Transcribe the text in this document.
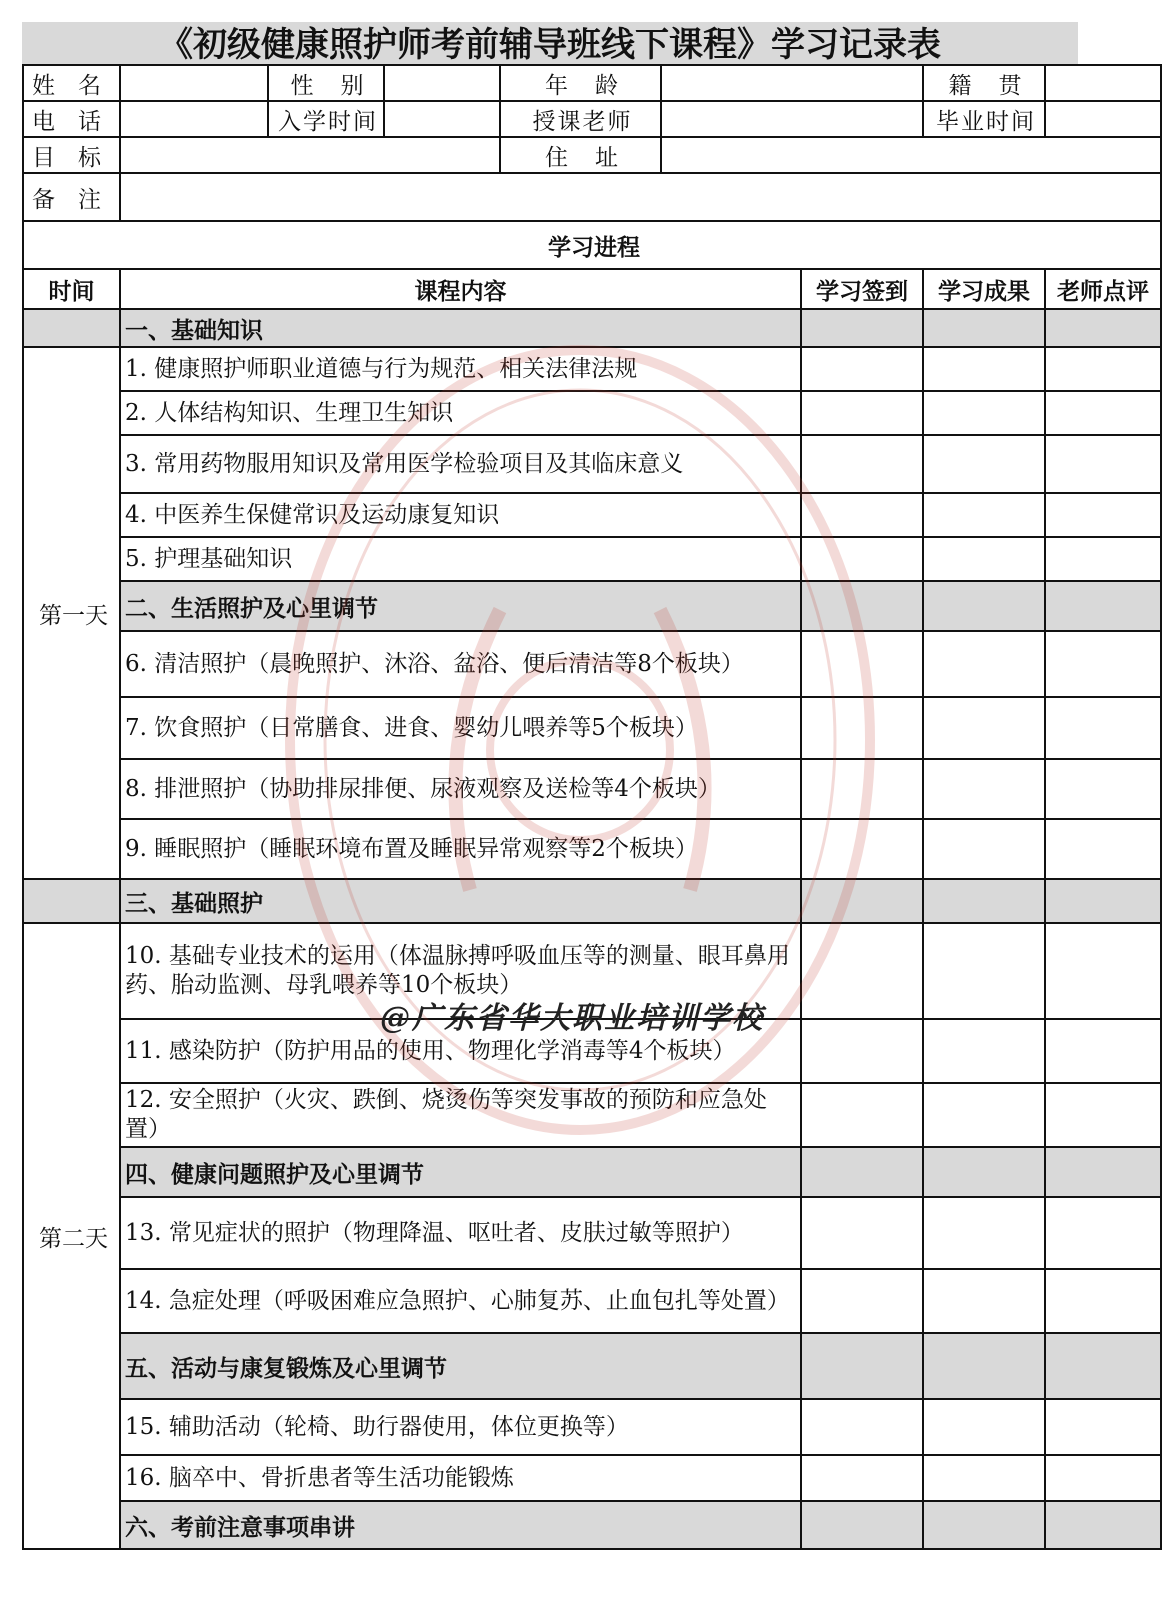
《初级健康照护师考前辅导班线下课程》学习记录表
姓　名		性　别		年　龄			籍　贯	
电　话		入学时间		授课老师			毕业时间	
目　标				住　址				
备　注								
学习进程								
时间	课程内容					学习签到	学习成果	老师点评
	一、基础知识							
第一天	1. 健康照护师职业道德与行为规范、相关法律法规							
	2. 人体结构知识、生理卫生知识							
	3. 常用药物服用知识及常用医学检验项目及其临床意义							
	4. 中医养生保健常识及运动康复知识							
	5. 护理基础知识							
	二、生活照护及心里调节							
	6. 清洁照护（晨晚照护、沐浴、盆浴、便后清洁等8个板块）							
	7. 饮食照护（日常膳食、进食、婴幼儿喂养等5个板块）							
	8. 排泄照护（协助排尿排便、尿液观察及送检等4个板块）							
	9. 睡眠照护（睡眠环境布置及睡眠异常观察等2个板块）							
	三、基础照护							
第二天	10. 基础专业技术的运用（体温脉搏呼吸血压等的测量、眼耳鼻用药、胎动监测、母乳喂养等10个板块）							
	11. 感染防护（防护用品的使用、物理化学消毒等4个板块）							
	12. 安全照护（火灾、跌倒、烧烫伤等突发事故的预防和应急处置）							
	四、健康问题照护及心里调节							
	13. 常见症状的照护（物理降温、呕吐者、皮肤过敏等照护）							
	14. 急症处理（呼吸困难应急照护、心肺复苏、止血包扎等处置）							
	五、活动与康复锻炼及心里调节							
	15. 辅助活动（轮椅、助行器使用，体位更换等）							
	16. 脑卒中、骨折患者等生活功能锻炼							
	六、考前注意事项串讲							
@广东省华大职业培训学校
